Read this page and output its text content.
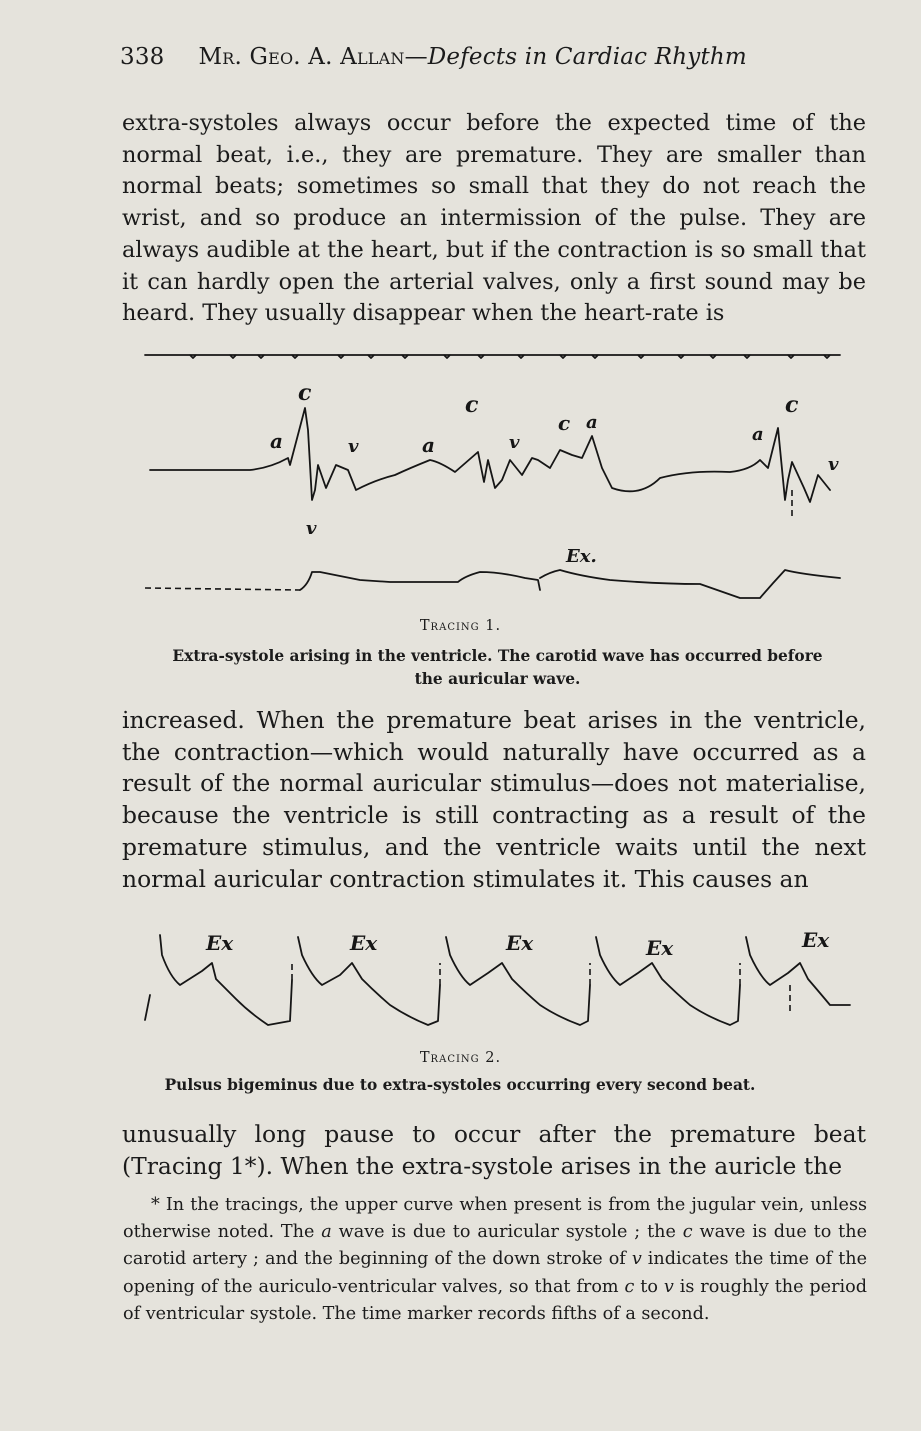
338 Mr. Geo. A. Allan—Defects in Cardiac Rhythm

extra-systoles always occur before the expected time of the normal beat, i.e., they are premature. They are smaller than normal beats; sometimes so small that they do not reach the wrist, and so produce an intermission of the pulse. They are always audible at the heart, but if the contraction is so small that it can hardly open the arterial valves, only a first sound may be heard. They usually disappear when the heart-rate is

c	c
c
c
a	a
a
a
v	v
v
v
Ex.
Tracing 1.

Extra-systole arising in the ventricle. The carotid wave has occurred before the auricular wave.

increased. When the premature beat arises in the ventricle, the contraction—which would naturally have occurred as a result of the normal auricular stimulus—does not materialise, because the ventricle is still contracting as a result of the premature stimulus, and the ventricle waits until the next normal auricular contraction stimulates it. This causes an

Ex	Ex	Ex	Ex	Ex
Tracing 2.

Pulsus bigeminus due to extra-systoles occurring every second beat.

unusually long pause to occur after the premature beat (Tracing 1*). When the extra-systole arises in the auricle the

* In the tracings, the upper curve when present is from the jugular vein, unless otherwise noted. The a wave is due to auricular systole ; the c wave is due to the carotid artery ; and the beginning of the down stroke of v indicates the time of the opening of the auriculo-ventricular valves, so that from c to v is roughly the period of ventricular systole. The time marker records fifths of a second.
